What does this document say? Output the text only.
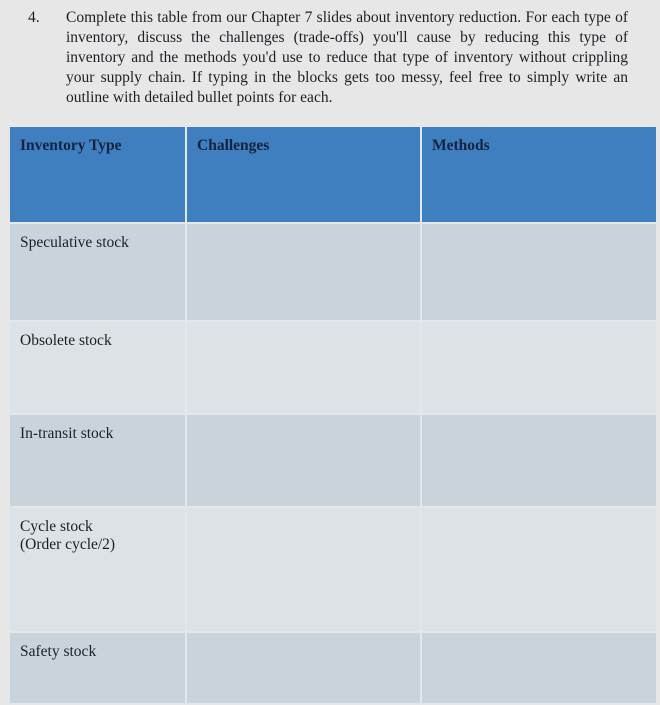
4. Complete this table from our Chapter 7 slides about inventory reduction. For each type of inventory, discuss the challenges (trade-offs) you'll cause by reducing this type of inventory and the methods you'd use to reduce that type of inventory without crippling your supply chain. If typing in the blocks gets too messy, feel free to simply write an outline with detailed bullet points for each.
Inventory Type	Challenges	Methods
Speculative stock		
Obsolete stock		
In-transit stock		
Cycle stock
(Order cycle/2)		
Safety stock		
